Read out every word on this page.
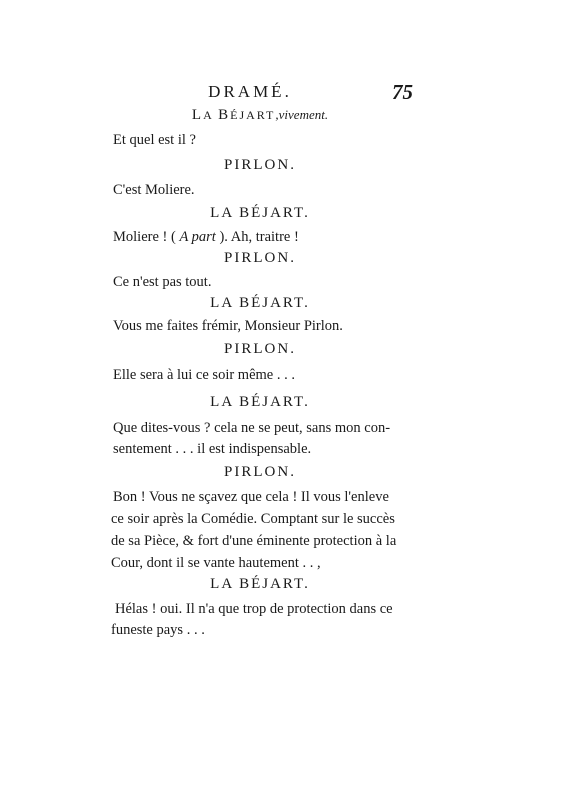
DRAMÉ.	75
LA BÉJART,vivement.
Et quel est il ?
PIRLON.
C'est Moliere.
LA BÉJART.
Moliere ! ( A part ). Ah, traitre !
PIRLON.
Ce n'est pas tout.
LA BÉJART.
Vous me faites frémir, Monsieur Pirlon.
PIRLON.
Elle sera à lui ce soir même . . .
LA BÉJART.
Que dites-vous ? cela ne se peut, sans mon con-
sentement . . . il est indispensable.
PIRLON.
Bon ! Vous ne sçavez que cela ! Il vous l'enleve
ce soir après la Comédie. Comptant sur le succès
de sa Pièce, & fort d'une éminente protection à la
Cour, dont il se vante hautement . . ,
LA BÉJART.
Hélas ! oui. Il n'a que trop de protection dans ce
funeste pays . . .
